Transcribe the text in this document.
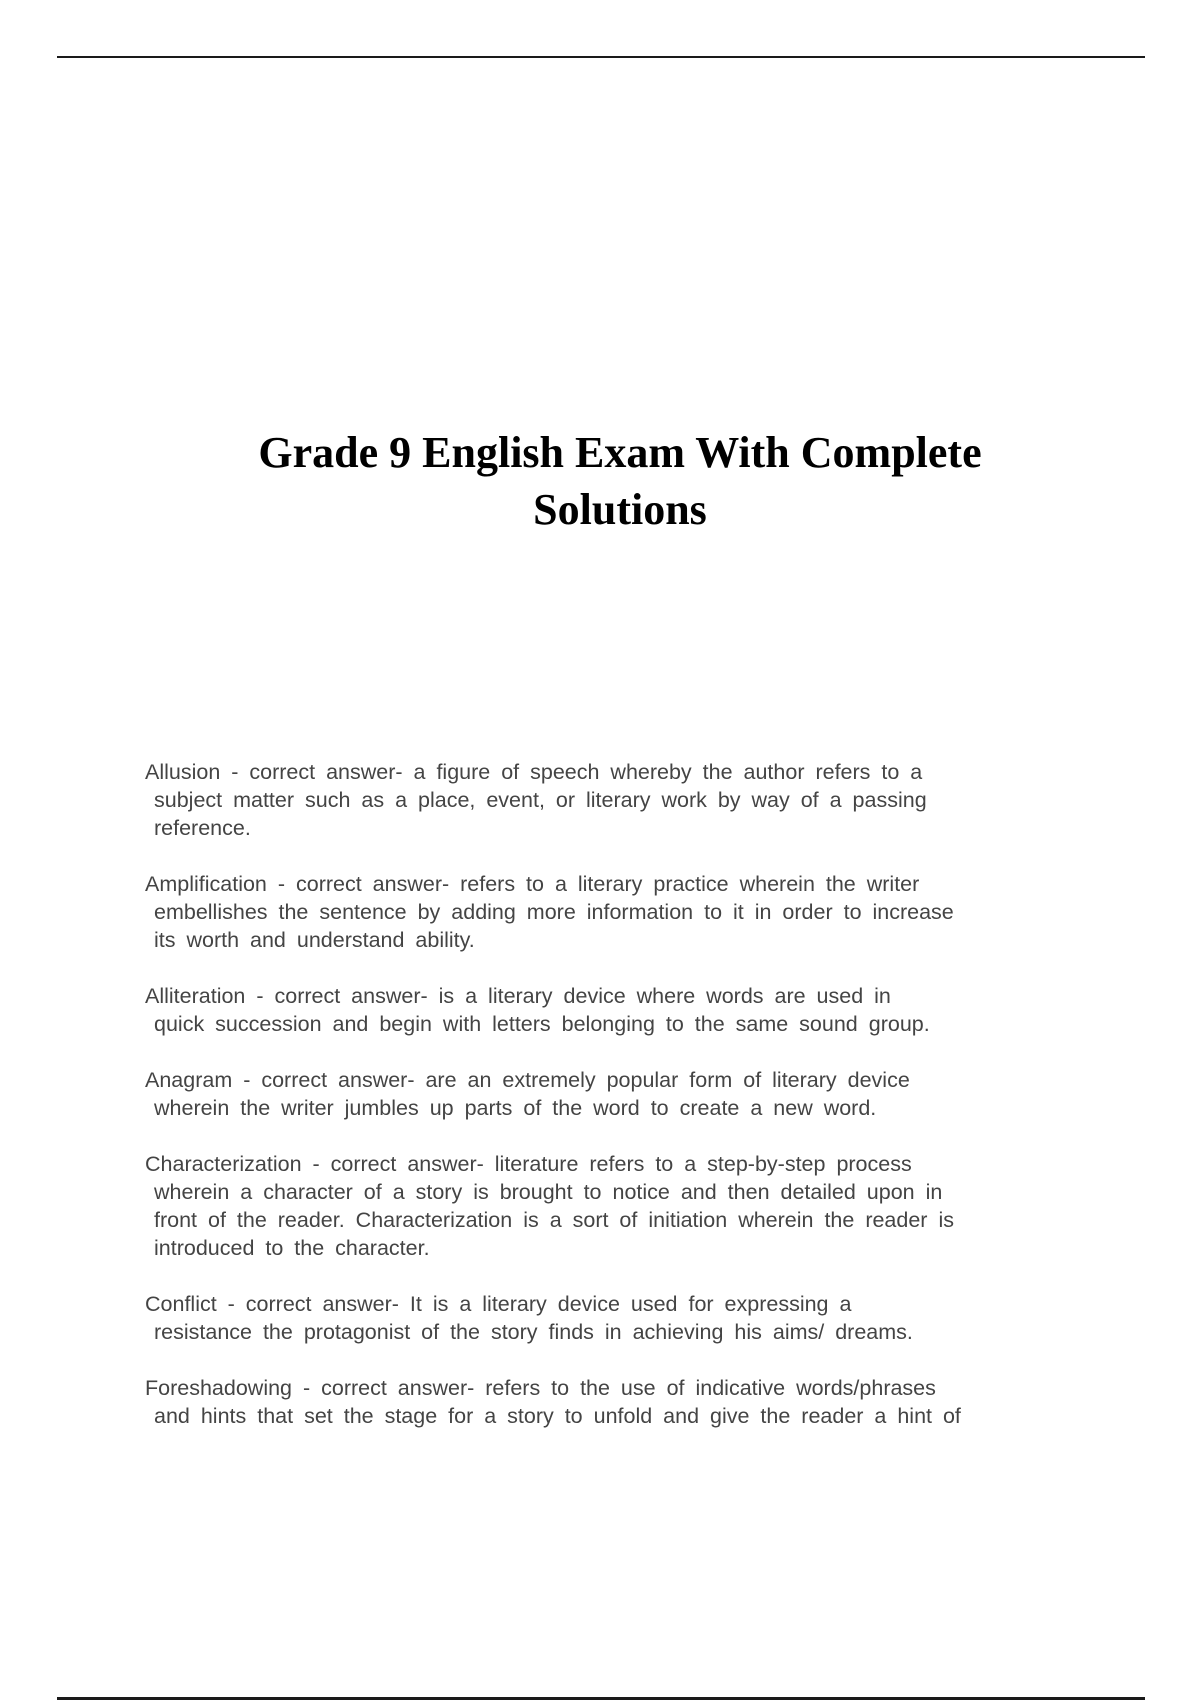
Grade 9 English Exam With Complete
Solutions
Allusion - correct answer- a figure of speech whereby the author refers to a
subject matter such as a place, event, or literary work by way of a passing
reference.
Amplification - correct answer- refers to a literary practice wherein the writer
embellishes the sentence by adding more information to it in order to increase
its worth and understand ability.
Alliteration - correct answer- is a literary device where words are used in
quick succession and begin with letters belonging to the same sound group.
Anagram - correct answer- are an extremely popular form of literary device
wherein the writer jumbles up parts of the word to create a new word.
Characterization - correct answer- literature refers to a step-by-step process
wherein a character of a story is brought to notice and then detailed upon in
front of the reader. Characterization is a sort of initiation wherein the reader is
introduced to the character.
Conflict - correct answer- It is a literary device used for expressing a
resistance the protagonist of the story finds in achieving his aims/ dreams.
Foreshadowing - correct answer- refers to the use of indicative words/phrases
and hints that set the stage for a story to unfold and give the reader a hint of
